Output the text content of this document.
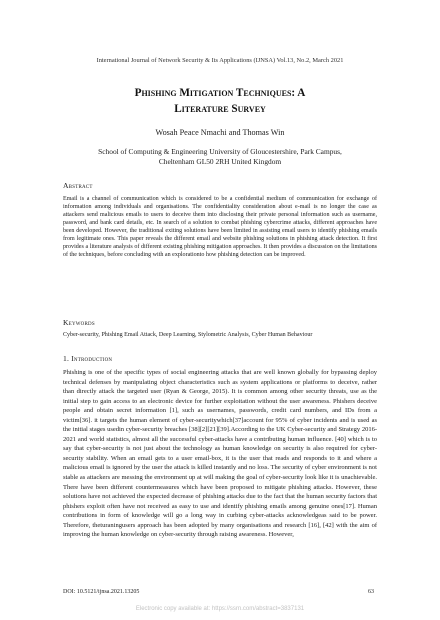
International Journal of Network Security & Its Applications (IJNSA) Vol.13, No.2, March 2021
Phishing Mitigation Techniques: A
Literature Survey
Wosah Peace Nmachi and Thomas Win
School of Computing & Engineering University of Gloucestershire, Park Campus,
Cheltenham GL50 2RH United Kingdom
Abstract

Email is a channel of communication which is considered to be a confidential medium of communication for exchange of information among individuals and organisations. The confidentiality consideration about e-mail is no longer the case as attackers send malicious emails to users to deceive them into disclosing their private personal information such as username, password, and bank card details, etc. In search of a solution to combat phishing cybercrime attacks, different approaches have been developed. However, the traditional exiting solutions have been limited in assisting email users to identify phishing emails from legitimate ones. This paper reveals the different email and website phishing solutions in phishing attack detection. It first provides a literature analysis of different existing phishing mitigation approaches. It then provides a discussion on the limitations of the techniques, before concluding with an explorationto how phishing detection can be improved.

Keywords

Cyber-security, Phishing Email Attack, Deep Learning, Stylometric Analysis, Cyber Human Behaviour

1. Introduction

Phishing is one of the specific types of social engineering attacks that are well known globally for bypassing deploy technical defenses by manipulating object characteristics such as system applications or platforms to deceive, rather than directly attack the targeted user (Ryan & George, 2015). It is common among other security threats, use as the initial step to gain access to an electronic device for further exploitation without the user awareness. Phishers deceive people and obtain secret information [1], such as usernames, passwords, credit card numbers, and IDs from a victim[36]. it targets the human element of cyber-securitywhich[37]account for 95% of cyber incidents and is used as the initial stages usedin cyber-security breaches [38][2][21][39].According to the UK Cyber-security and Strategy 2016-2021 and world statistics, almost all the successful cyber-attacks have a contributing human influence. [40] which is to say that cyber-security is not just about the technology as human knowledge on security is also required for cyber-security stability. When an email gets to a user email-box, it is the user that reads and responds to it and where a malicious email is ignored by the user the attack is killed instantly and no loss. The security of cyber environment is not stable as attackers are messing the environment up at will making the goal of cyber-security look like it is unachievable. There have been different countermeasures which have been proposed to mitigate phishing attacks. However, these solutions have not achieved the expected decrease of phishing attacks due to the fact that the human security factors that phishers exploit often have not received as easy to use and identify phishing emails among genuine ones[17]. Human contributions in form of knowledge will go a long way in curbing cyber-attacks acknowledgeas said to be power. Therefore, theturaningusers approach has been adopted by many organisations and research [16], [42] with the aim of improving the human knowledge on cyber-security through raising awareness. However,

DOI: 10.5121/ijnsa.2021.13205	63
Electronic copy available at: https://ssrn.com/abstract=3837131
